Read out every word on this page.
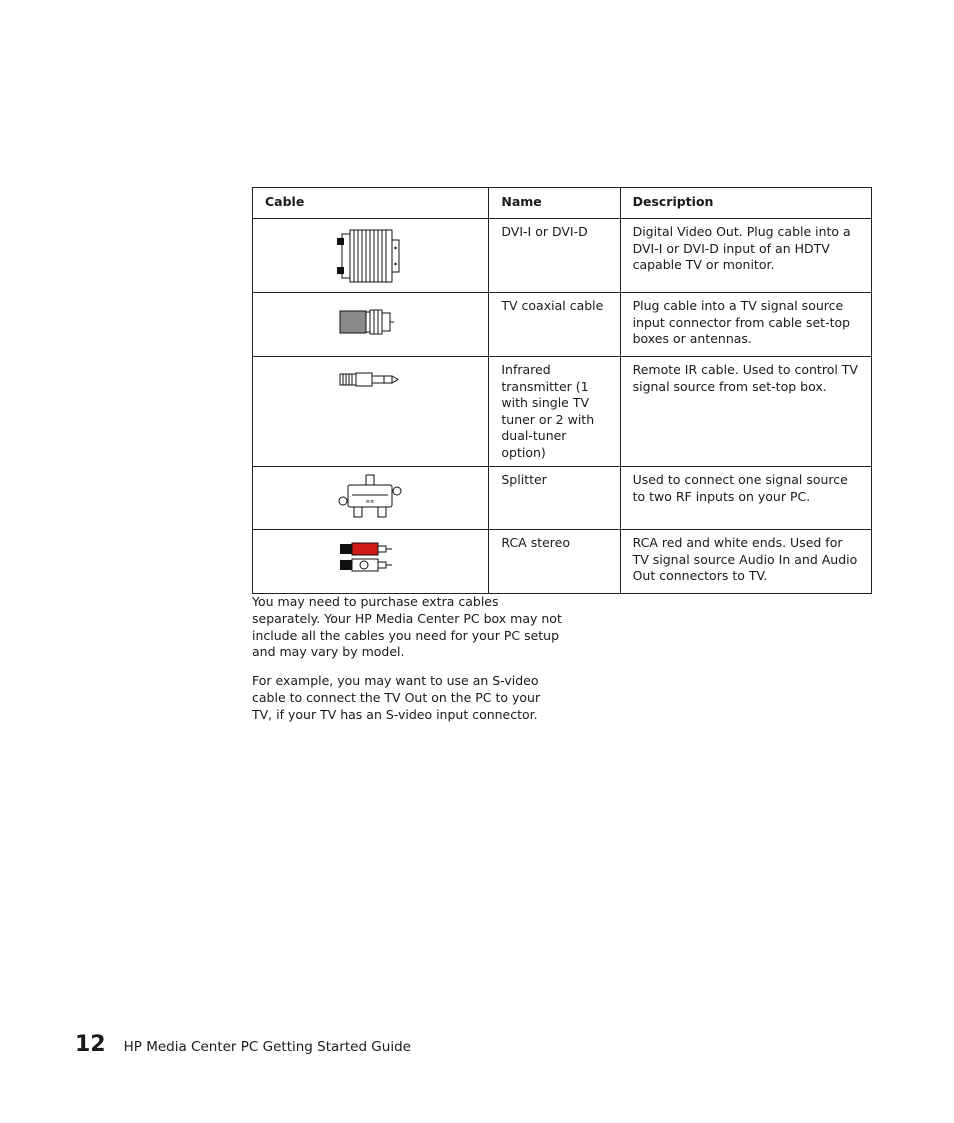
Cable	Name	Description

	DVI-I or DVI-D	Digital Video Out. Plug cable into a DVI-I or DVI-D input of an HDTV capable TV or monitor.

	TV coaxial cable	Plug cable into a TV signal source input connector from cable set-top boxes or antennas.

	Infrared transmitter (1 with single TV tuner or 2 with dual-tuner option)	Remote IR cable. Used to control TV signal source from set-top box.

≡≡	Splitter	Used to connect one signal source to two RF inputs on your PC.

	RCA stereo	RCA red and white ends. Used for TV signal source Audio In and Audio Out connectors to TV.

You may need to purchase extra cables separately. Your HP Media Center PC box may not include all the cables you need for your PC setup and may vary by model.

For example, you may want to use an S-video cable to connect the TV Out on the PC to your TV, if your TV has an S-video input connector.

12 HP Media Center PC Getting Started Guide
